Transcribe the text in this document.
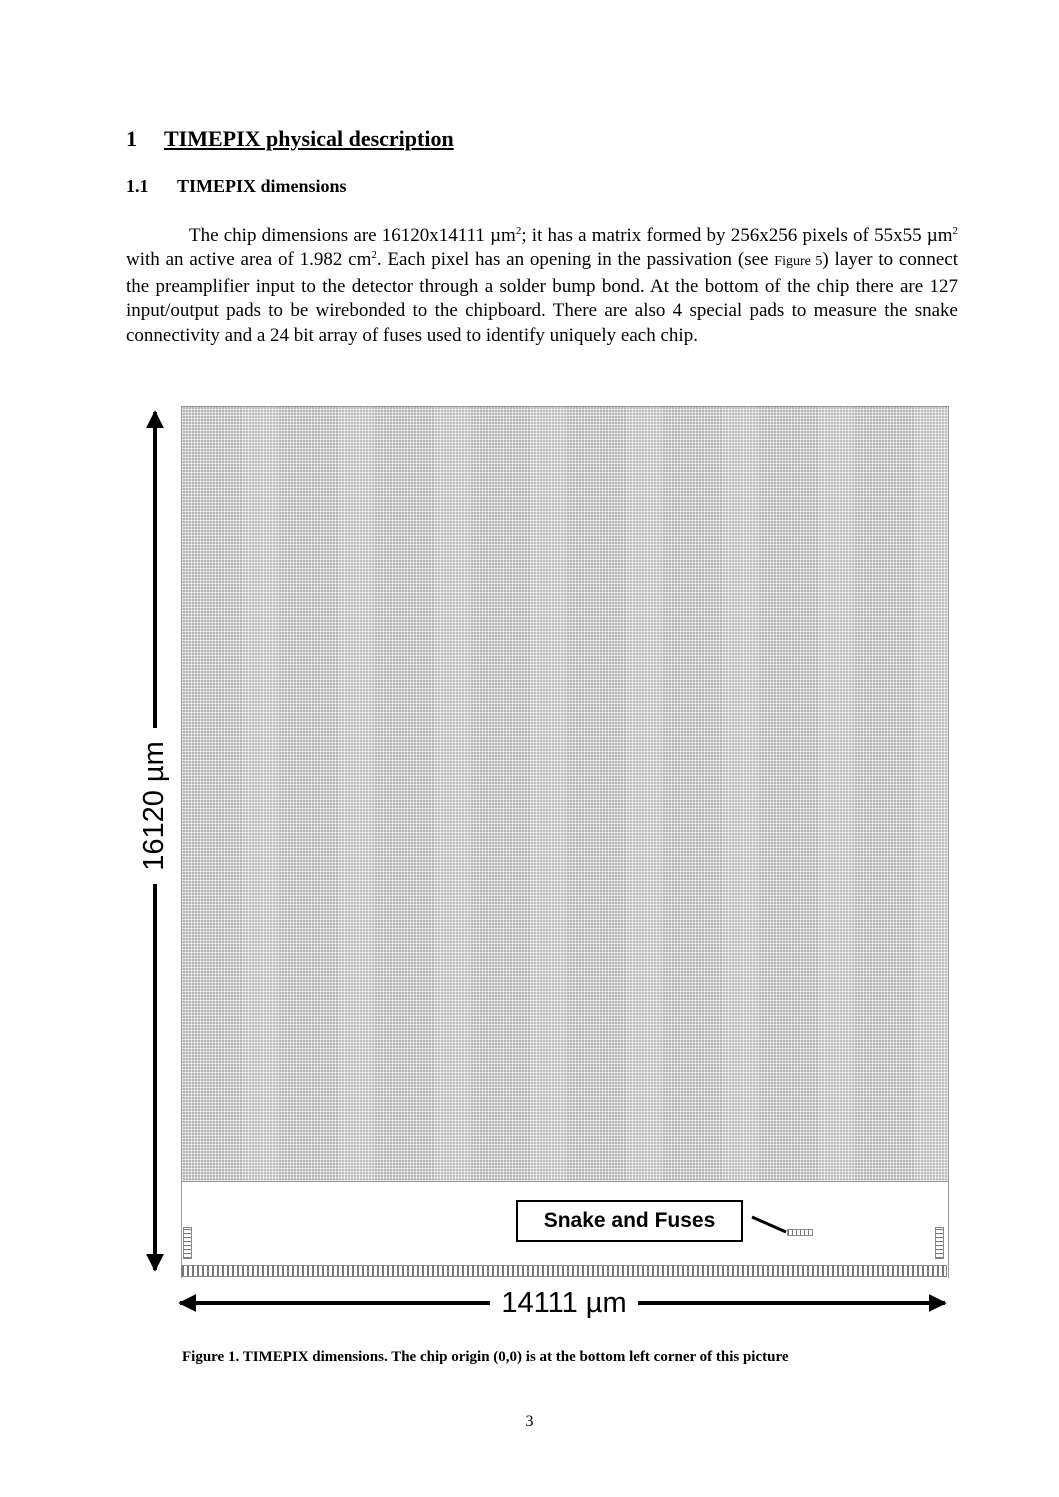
1 TIMEPIX physical description
1.1 TIMEPIX dimensions
The chip dimensions are 16120x14111 µm$^2$; it has a matrix formed by 256x256 pixels of 55x55 µm$^2$ with an active area of 1.982 $cm^2$. Each pixel has an opening in the passivation (see Figure 5) layer to connect the preamplifier input to the detector through a solder bump bond. At the bottom of the chip there are 127 input/output pads to be wirebonded to the chipboard. There are also 4 special pads to measure the snake connectivity and a 24 bit array of fuses used to identify uniquely each chip.
Snake and Fuses
14111 µm
16120 µm
Figure 1. TIMEPIX dimensions. The chip origin (0,0) is at the bottom left corner of this picture
3
